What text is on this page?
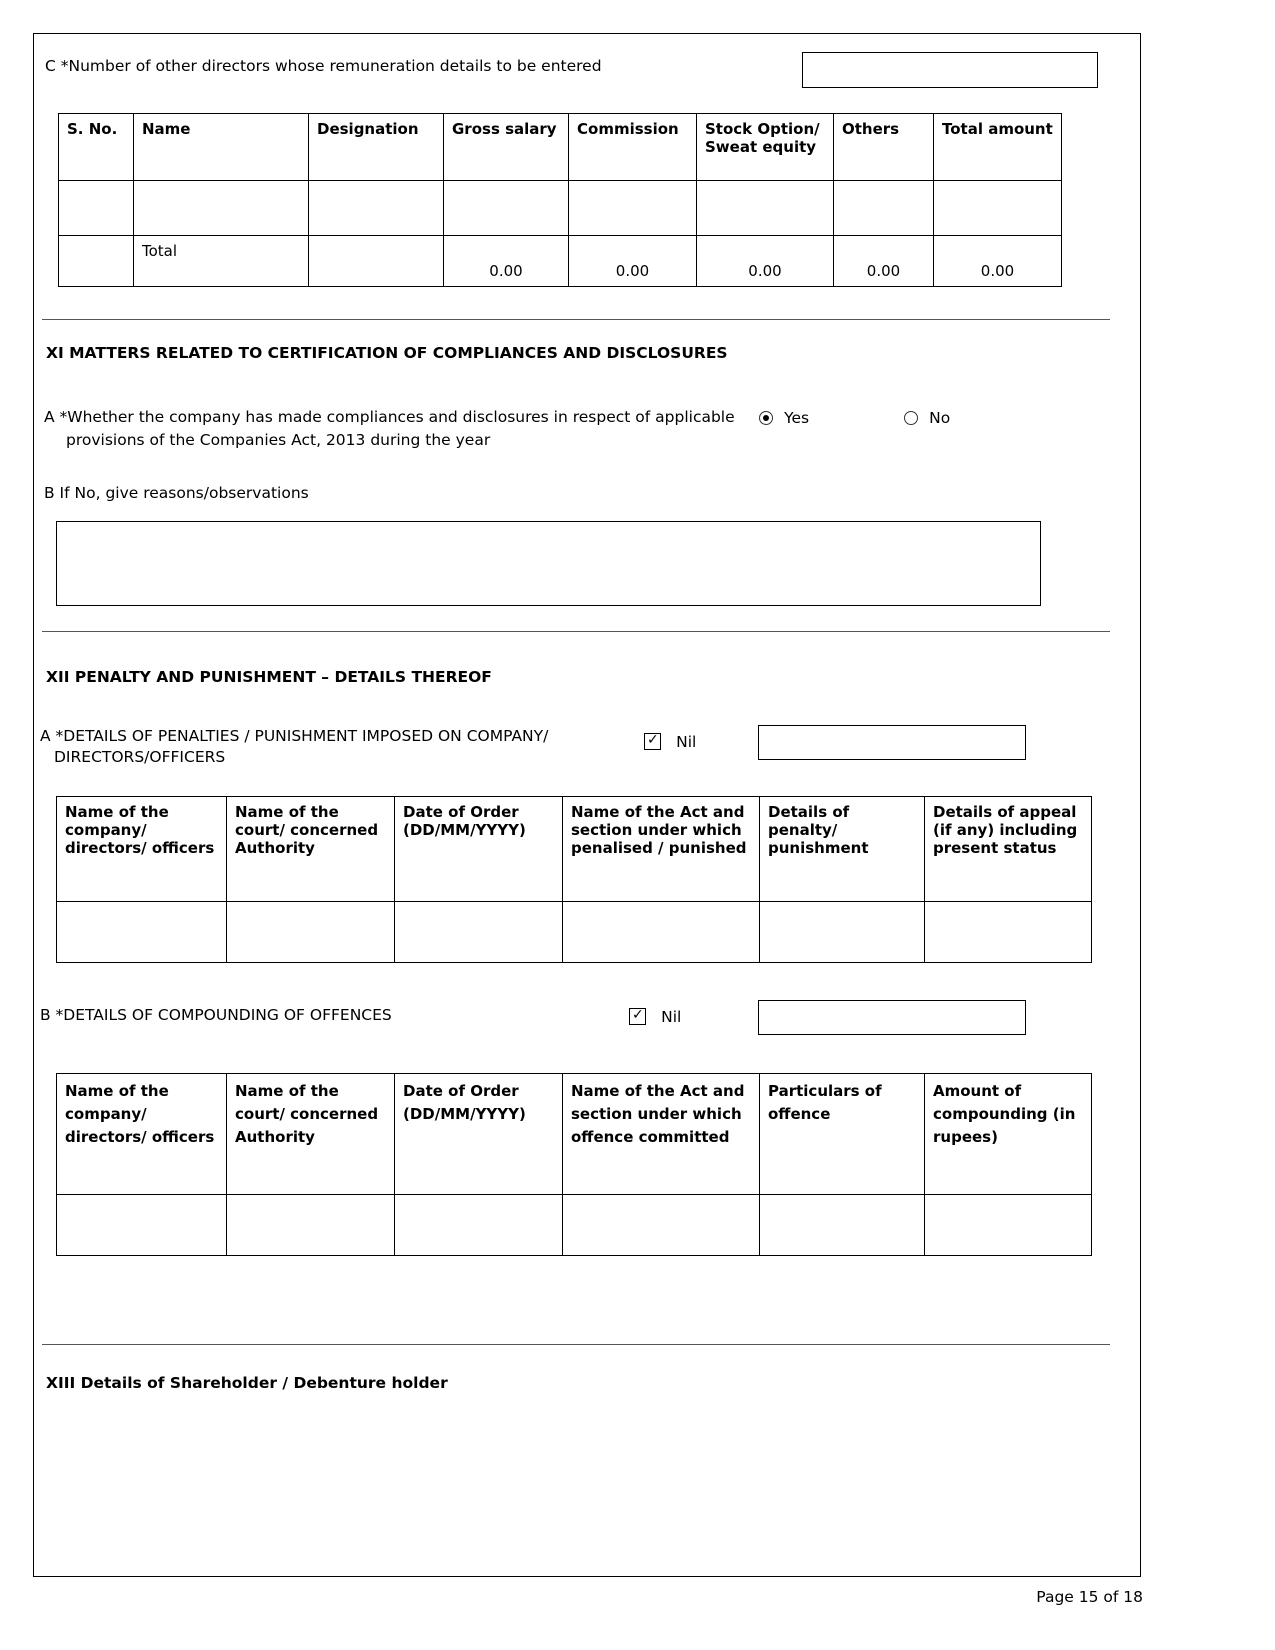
C *Number of other directors whose remuneration details to be entered
S. No.	Name	Designation	Gross salary	Commission	Stock Option/ Sweat equity	Others	Total amount

	Total		0.00	0.00	0.00	0.00	0.00
XI MATTERS RELATED TO CERTIFICATION OF COMPLIANCES AND DISCLOSURES
A *Whether the company has made compliances and disclosures in respect of applicable
provisions of the Companies Act, 2013 during the year
Yes	No
B If No, give reasons/observations
XII PENALTY AND PUNISHMENT – DETAILS THEREOF
A *DETAILS OF PENALTIES / PUNISHMENT IMPOSED ON COMPANY/
DIRECTORS/OFFICERS
✓ Nil
Name of the company/ directors/ officers	Name of the court/ concerned Authority	Date of Order (DD/MM/YYYY)	Name of the Act and section under which penalised / punished	Details of penalty/ punishment	Details of appeal (if any) including present status

B *DETAILS OF COMPOUNDING OF OFFENCES ✓	Nil
Name of the company/ directors/ officers	Name of the court/ concerned Authority	Date of Order (DD/MM/YYYY)	Name of the Act and section under which offence committed	Particulars of offence	Amount of compounding (in rupees)

XIII Details of Shareholder / Debenture holder
Page 15 of 18
